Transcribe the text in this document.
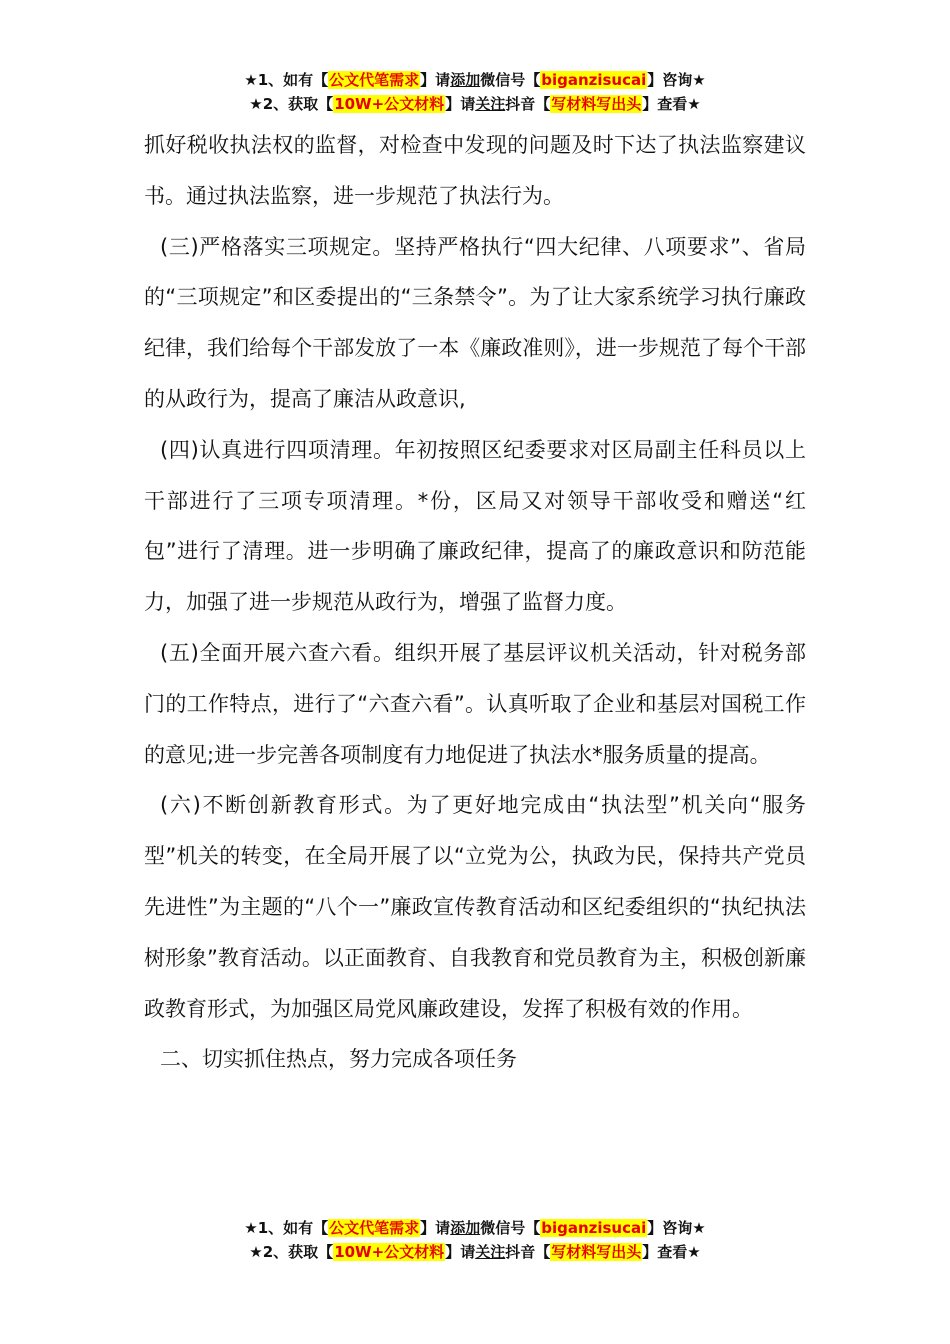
★1、如有【公文代笔需求】请添加微信号【biganzisucai】咨询★
★2、获取【10W+公文材料】请关注抖音【写材料写出头】查看★

抓好税收执法权的监督，对检查中发现的问题及时下达了执法监察建议书。通过执法监察，进一步规范了执法行为。

(三)严格落实三项规定。坚持严格执行“四大纪律、八项要求”、省局的“三项规定”和区委提出的“三条禁令”。为了让大家系统学习执行廉政纪律，我们给每个干部发放了一本《廉政准则》，进一步规范了每个干部的从政行为，提高了廉洁从政意识,

(四)认真进行四项清理。年初按照区纪委要求对区局副主任科员以上干部进行了三项专项清理。*份，区局又对领导干部收受和赠送“红包”进行了清理。进一步明确了廉政纪律，提高了的廉政意识和防范能力，加强了进一步规范从政行为，增强了监督力度。

(五)全面开展六查六看。组织开展了基层评议机关活动，针对税务部门的工作特点，进行了“六查六看”。认真听取了企业和基层对国税工作的意见;进一步完善各项制度有力地促进了执法水*服务质量的提高。

(六)不断创新教育形式。为了更好地完成由“执法型”机关向“服务型”机关的转变，在全局开展了以“立党为公，执政为民，保持共产党员先进性”为主题的“八个一”廉政宣传教育活动和区纪委组织的“执纪执法树形象”教育活动。以正面教育、自我教育和党员教育为主，积极创新廉政教育形式，为加强区局党风廉政建设，发挥了积极有效的作用。

二、切实抓住热点，努力完成各项任务

★1、如有【公文代笔需求】请添加微信号【biganzisucai】咨询★
★2、获取【10W+公文材料】请关注抖音【写材料写出头】查看★
